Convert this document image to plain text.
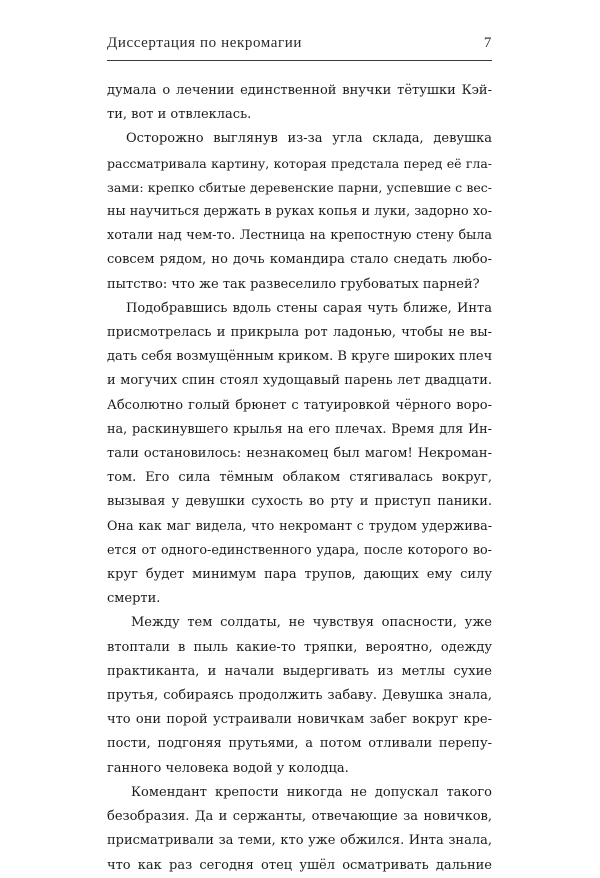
Диссертация по некромагии	7

думала о лечении единственной внучки тётушки Кэй-
ти, вот и отвлеклась.

Осторожно выглянув из-за угла склада, девушка
рассматривала картину, которая предстала перед её гла-
зами: крепко сбитые деревенские парни, успевшие с вес-
ны научиться держать в руках копья и луки, задорно хо-
хотали над чем-то. Лестница на крепостную стену была
совсем рядом, но дочь командира стало снедать любо-
пытство: что же так развеселило грубоватых парней?

Подобравшись вдоль стены сарая чуть ближе, Инта
присмотрелась и прикрыла рот ладонью, чтобы не вы-
дать себя возмущённым криком. В круге широких плеч
и могучих спин стоял худощавый парень лет двадцати.
Абсолютно голый брюнет с татуировкой чёрного воро-
на, раскинувшего крылья на его плечах. Время для Ин-
тали остановилось: незнакомец был магом! Некроман-
том. Его сила тёмным облаком стягивалась вокруг,
вызывая у девушки сухость во рту и приступ паники.
Она как маг видела, что некромант с трудом удержива-
ется от одного-единственного удара, после которого во-
круг будет минимум пара трупов, дающих ему силу
смерти.

Между тем солдаты, не чувствуя опасности, уже
втоптали в пыль какие-то тряпки, вероятно, одежду
практиканта, и начали выдергивать из метлы сухие
прутья, собираясь продолжить забаву. Девушка знала,
что они порой устраивали новичкам забег вокруг кре-
пости, подгоняя прутьями, а потом отливали перепу-
ганного человека водой у колодца.

Комендант крепости никогда не допускал такого
безобразия. Да и сержанты, отвечающие за новичков,
присматривали за теми, кто уже обжился. Инта знала,
что как раз сегодня отец ушёл осматривать дальние
